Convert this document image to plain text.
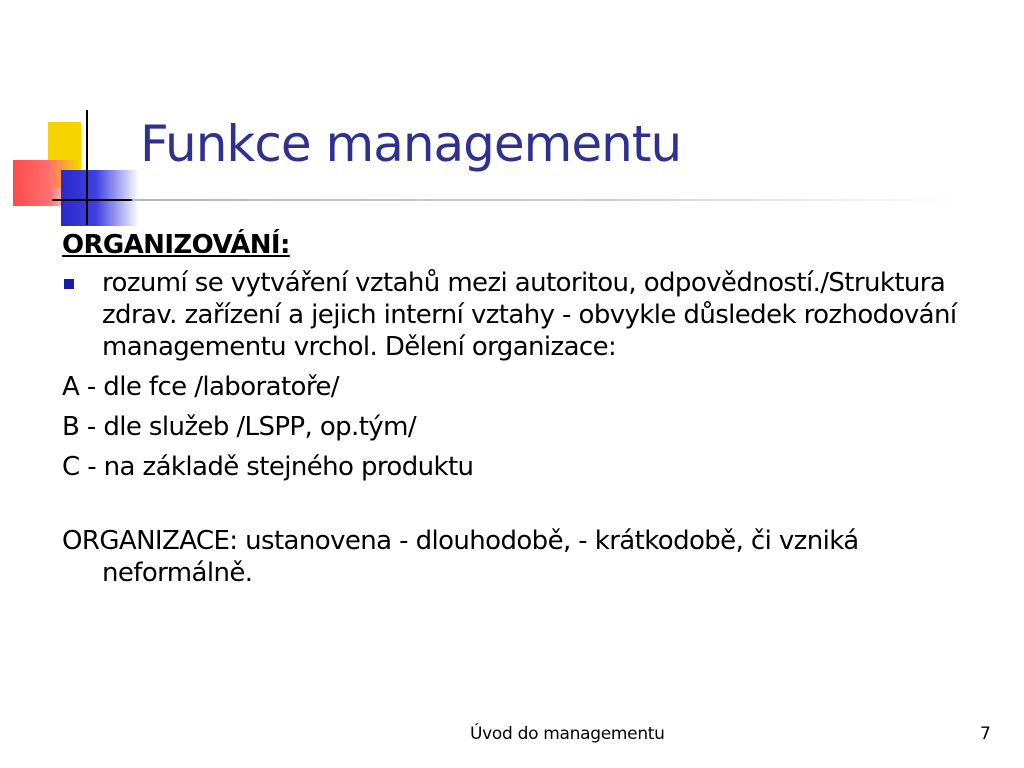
Funkce managementu
ORGANIZOVÁNÍ:
rozumí se vytváření vztahů mezi autoritou, odpovědností./Struktura zdrav. zařízení a jejich interní vztahy - obvykle důsledek rozhodování managementu vrchol. Dělení organizace:
A - dle fce /laboratoře/
B - dle služeb /LSPP, op.tým/
C - na základě stejného produktu
ORGANIZACE: ustanovena - dlouhodobě, - krátkodobě, či vzniká neformálně.
Úvod do managementu	7
